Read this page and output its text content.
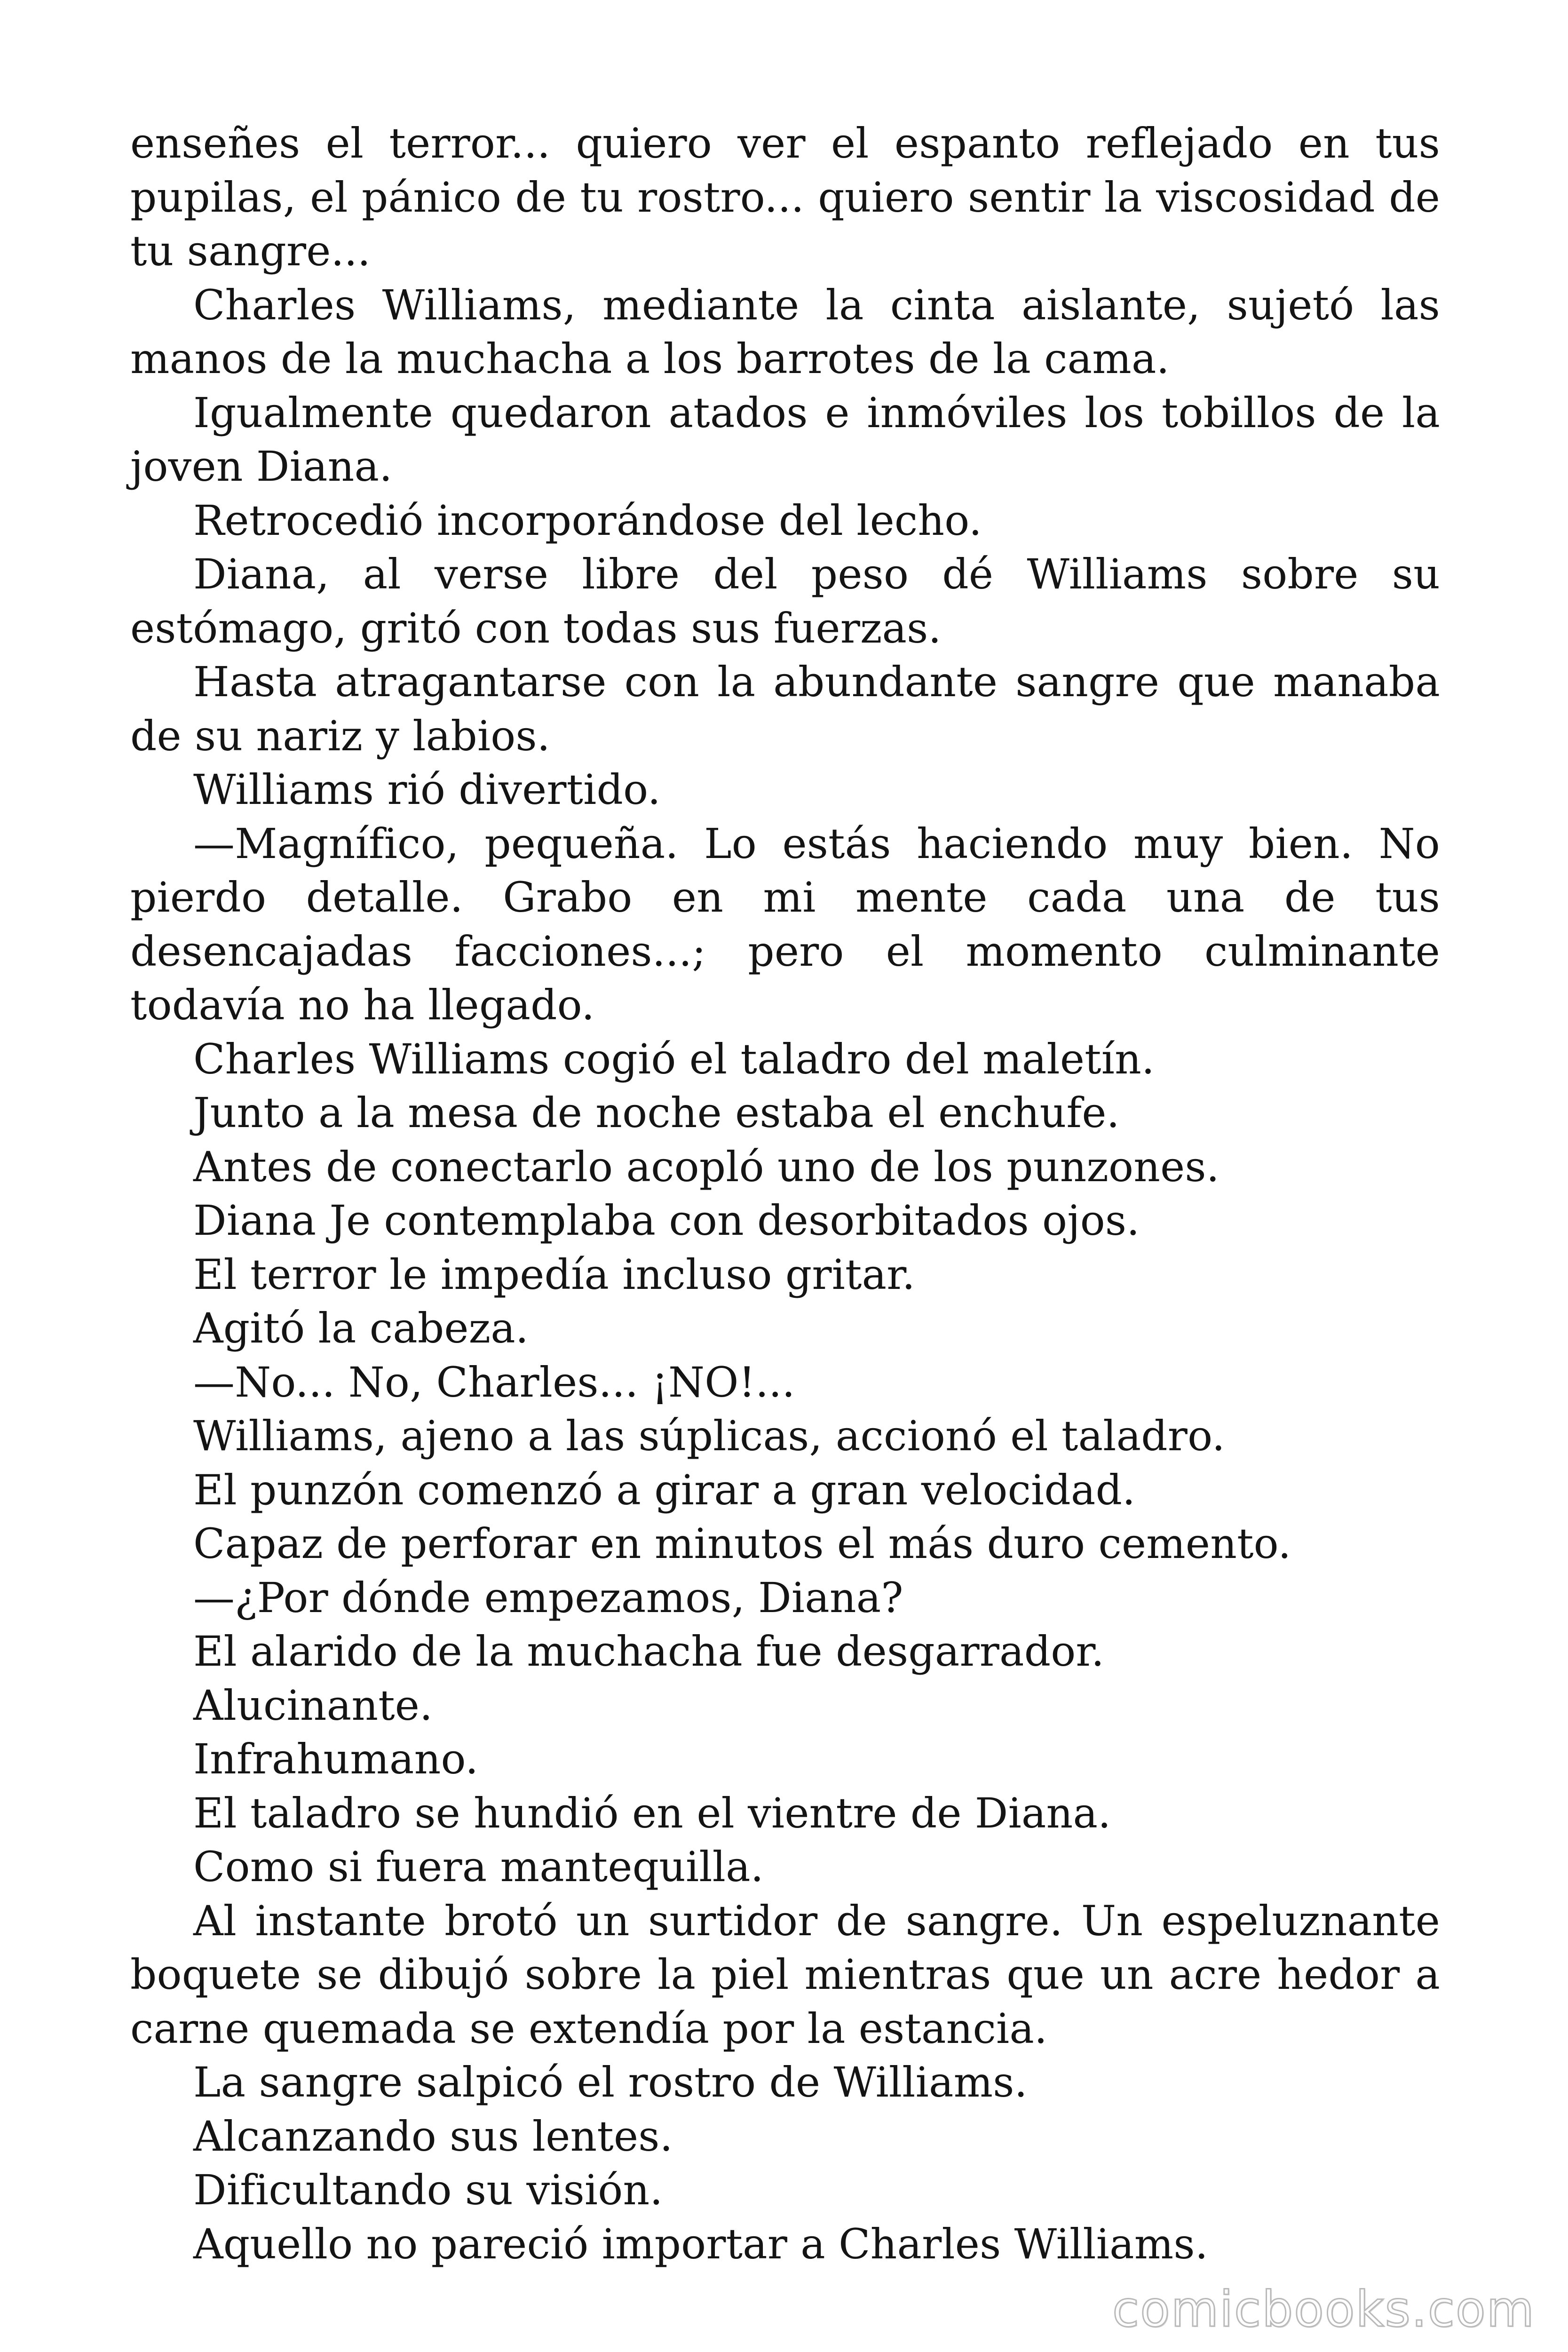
enseñes el terror... quiero ver el espanto reflejado en tus pupilas, el pánico de tu rostro... quiero sentir la viscosidad de tu sangre...

Charles Williams, mediante la cinta aislante, sujetó las manos de la muchacha a los barrotes de la cama.

Igualmente quedaron atados e inmóviles los tobillos de la joven Diana.

Retrocedió incorporándose del lecho.

Diana, al verse libre del peso dé Williams sobre su estómago, gritó con todas sus fuerzas.

Hasta atragantarse con la abundante sangre que manaba de su nariz y labios.

Williams rió divertido.

—Magnífico, pequeña. Lo estás haciendo muy bien. No pierdo detalle. Grabo en mi mente cada una de tus desencajadas facciones...; pero el momento culminante todavía no ha llegado.

Charles Williams cogió el taladro del maletín.

Junto a la mesa de noche estaba el enchufe.

Antes de conectarlo acopló uno de los punzones.

Diana Je contemplaba con desorbitados ojos.

El terror le impedía incluso gritar.

Agitó la cabeza.

—No... No, Charles... ¡NO!...

Williams, ajeno a las súplicas, accionó el taladro.

El punzón comenzó a girar a gran velocidad.

Capaz de perforar en minutos el más duro cemento.

—¿Por dónde empezamos, Diana?

El alarido de la muchacha fue desgarrador.

Alucinante.

Infrahumano.

El taladro se hundió en el vientre de Diana.

Como si fuera mantequilla.

Al instante brotó un surtidor de sangre. Un espeluznante boquete se dibujó sobre la piel mientras que un acre hedor a carne quemada se extendía por la estancia.

La sangre salpicó el rostro de Williams.

Alcanzando sus lentes.

Dificultando su visión.

Aquello no pareció importar a Charles Williams.

comicbooks.com
